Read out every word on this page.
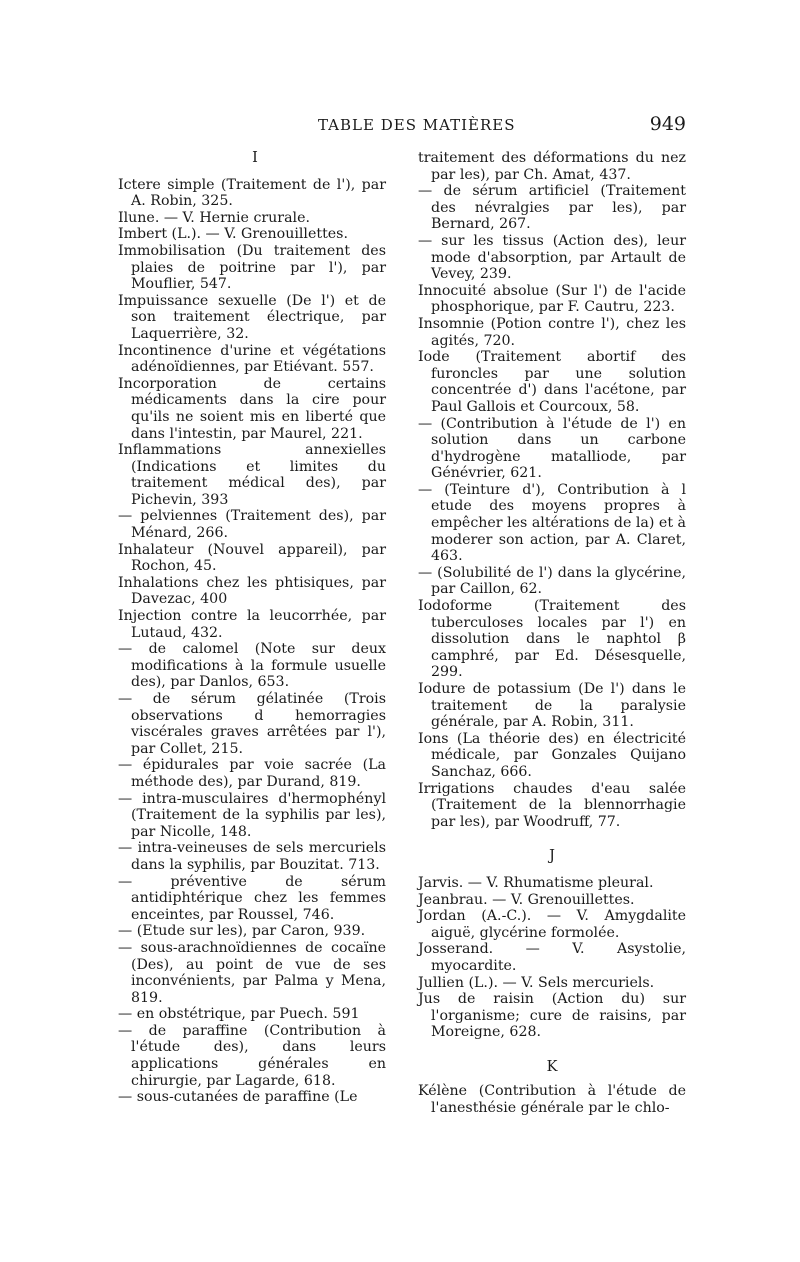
TABLE DES MATIÈRES	949

I

Ictere simple (Traitement de l'), par A. Robin, 325.

Ilune. — V. Hernie crurale.

Imbert (L.). — V. Grenouillettes.

Immobilisation (Du traitement des plaies de poitrine par l'), par Mouflier, 547.

Impuissance sexuelle (De l') et de son traitement électrique, par Laquerrière, 32.

Incontinence d'urine et végétations adénoïdiennes, par Etiévant. 557.

Incorporation de certains médicaments dans la cire pour qu'ils ne soient mis en liberté que dans l'intestin, par Maurel, 221.

Inflammations annexielles (Indications et limites du traitement médical des), par Pichevin, 393

— pelviennes (Traitement des), par Ménard, 266.

Inhalateur (Nouvel appareil), par Rochon, 45.

Inhalations chez les phtisiques, par Davezac, 400

Injection contre la leucorrhée, par Lutaud, 432.

— de calomel (Note sur deux modifications à la formule usuelle des), par Danlos, 653.

— de sérum gélatinée (Trois observations d hemorragies viscérales graves arrêtées par l'), par Collet, 215.

— épidurales par voie sacrée (La méthode des), par Durand, 819.

— intra-musculaires d'hermophényl (Traitement de la syphilis par les), par Nicolle, 148.

— intra-veineuses de sels mercuriels dans la syphilis, par Bouzitat. 713.

— préventive de sérum antidiphtérique chez les femmes enceintes, par Roussel, 746.

— (Etude sur les), par Caron, 939.

— sous-arachnoïdiennes de cocaïne (Des), au point de vue de ses inconvénients, par Palma y Mena, 819.

— en obstétrique, par Puech. 591

— de paraffine (Contribution à l'étude des), dans leurs applications générales en chirurgie, par Lagarde, 618.

— sous-cutanées de paraffine (Le

traitement des déformations du nez par les), par Ch. Amat, 437.

— de sérum artificiel (Traitement des névralgies par les), par Bernard, 267.

— sur les tissus (Action des), leur mode d'absorption, par Artault de Vevey, 239.

Innocuité absolue (Sur l') de l'acide phosphorique, par F. Cautru, 223.

Insomnie (Potion contre l'), chez les agités, 720.

Iode (Traitement abortif des furoncles par une solution concentrée d') dans l'acétone, par Paul Gallois et Courcoux, 58.

— (Contribution à l'étude de l') en solution dans un carbone d'hydrogène matalliode, par Génévrier, 621.

— (Teinture d'), Contribution à l etude des moyens propres à empêcher les altérations de la) et à moderer son action, par A. Claret, 463.

— (Solubilité de l') dans la glycérine, par Caillon, 62.

Iodoforme (Traitement des tuberculoses locales par l') en dissolution dans le naphtol β camphré, par Ed. Désesquelle, 299.

Iodure de potassium (De l') dans le traitement de la paralysie générale, par A. Robin, 311.

Ions (La théorie des) en électricité médicale, par Gonzales Quijano Sanchaz, 666.

Irrigations chaudes d'eau salée (Traitement de la blennorrhagie par les), par Woodruff, 77.

J

Jarvis. — V. Rhumatisme pleural.

Jeanbrau. — V. Grenouillettes.

Jordan (A.-C.). — V. Amygdalite aiguë, glycérine formolée.

Josserand. — V. Asystolie, myocardite.

Jullien (L.). — V. Sels mercuriels.

Jus de raisin (Action du) sur l'organisme; cure de raisins, par Moreigne, 628.

K

Kélène (Contribution à l'étude de l'anesthésie générale par le chlo-
